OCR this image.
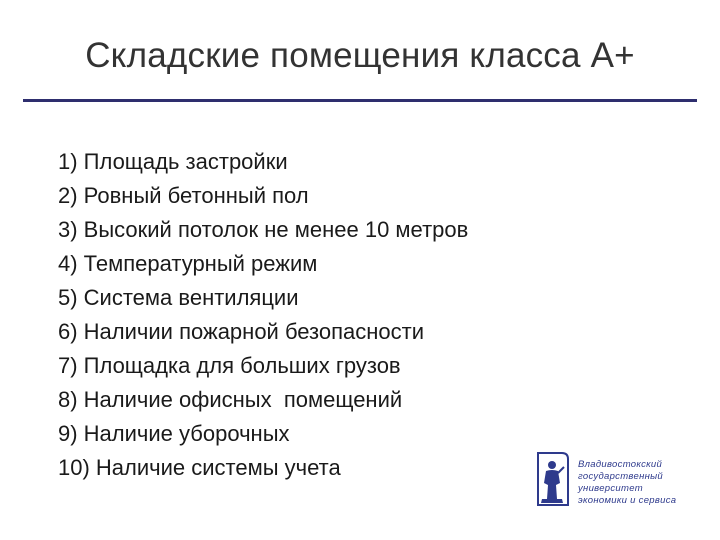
Складские помещения класса А+
1) Площадь застройки
2) Ровный бетонный пол
3) Высокий потолок не менее 10 метров
4) Температурный режим
5) Система вентиляции
6) Наличии пожарной безопасности
7) Площадка для больших грузов
8) Наличие офисных  помещений
9) Наличие уборочных
10) Наличие системы учета	Владивостокский
государственный
университет
экономики и сервиса
